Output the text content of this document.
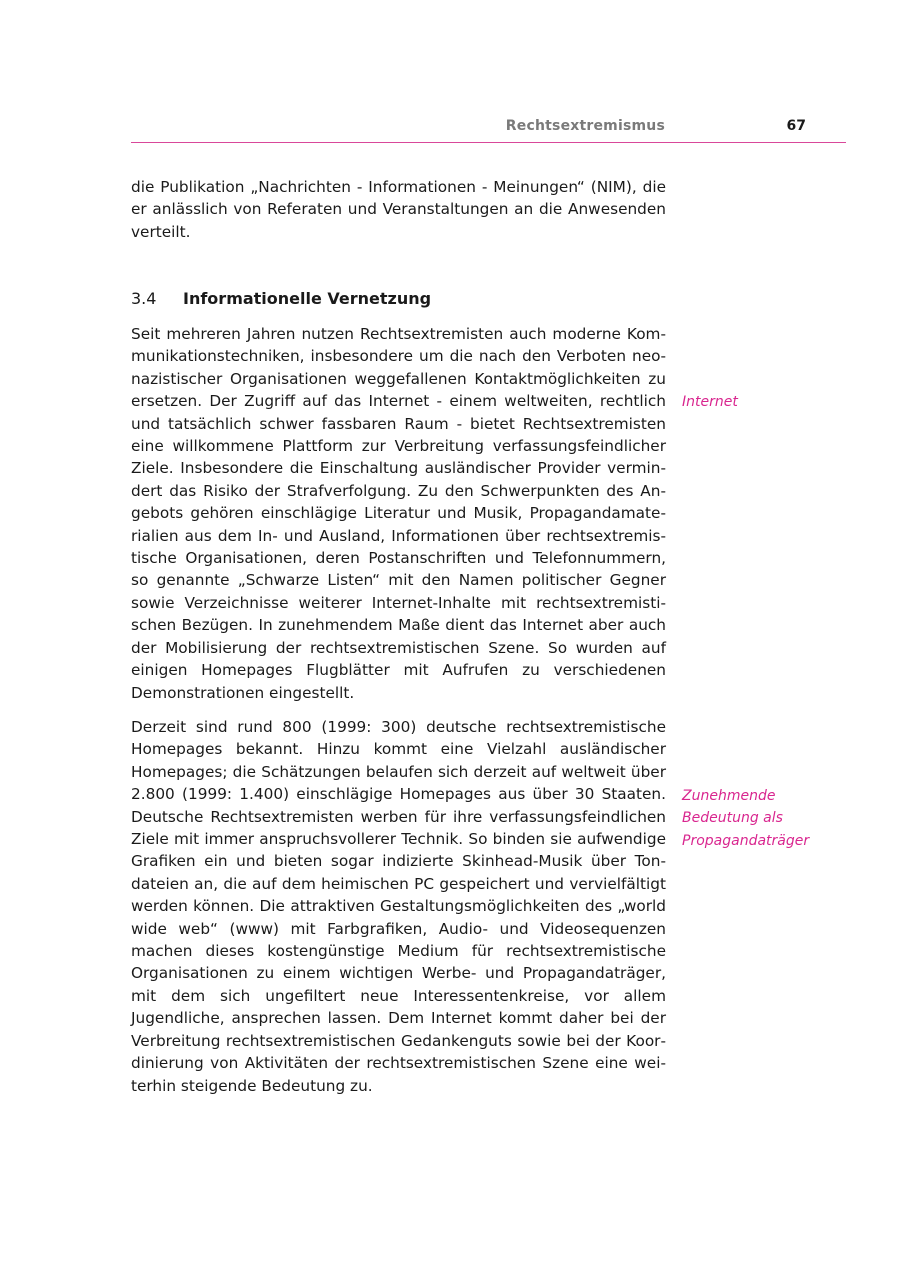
Rechtsextremismus	67

die Publikation „Nachrichten - Informationen - Meinungen“ (NIM), die er anlässlich von Referaten und Veranstaltungen an die Anwesenden verteilt.

3.4 Informationelle Vernetzung

Seit mehreren Jahren nutzen Rechtsextremisten auch moderne Kommunikationstechniken, insbesondere um die nach den Verboten neonazistischer Organisationen weggefallenen Kontaktmöglichkeiten zu ersetzen. Der Zugriff auf das Internet - einem weltweiten, rechtlich und tatsächlich schwer fassbaren Raum - bietet Rechtsextremisten eine willkommene Plattform zur Verbreitung verfassungsfeindlicher Ziele. Insbesondere die Einschaltung ausländischer Provider vermindert das Risiko der Strafverfolgung. Zu den Schwerpunkten des Angebots gehören einschlägige Literatur und Musik, Propagandamaterialien aus dem In- und Ausland, Informationen über rechtsextremistische Organisationen, deren Postanschriften und Telefonnummern, so genannte „Schwarze Listen“ mit den Namen politischer Gegner sowie Verzeichnisse weiterer Internet-Inhalte mit rechtsextremistischen Bezügen. In zunehmendem Maße dient das Internet aber auch der Mobilisierung der rechtsextremistischen Szene. So wurden auf einigen Homepages Flugblätter mit Aufrufen zu verschiedenen Demonstrationen eingestellt.

Derzeit sind rund 800 (1999: 300) deutsche rechtsextremistische Homepages bekannt. Hinzu kommt eine Vielzahl ausländischer Homepages; die Schätzungen belaufen sich derzeit auf weltweit über 2.800 (1999: 1.400) einschlägige Homepages aus über 30 Staaten. Deutsche Rechtsextremisten werben für ihre verfassungsfeindlichen Ziele mit immer anspruchsvollerer Technik. So binden sie aufwendige Grafiken ein und bieten sogar indizierte Skinhead-Musik über Tondateien an, die auf dem heimischen PC gespeichert und vervielfältigt werden können. Die attraktiven Gestaltungsmöglichkeiten des „world wide web“ (www) mit Farbgrafiken, Audio- und Videosequenzen machen dieses kostengünstige Medium für rechtsextremistische Organisationen zu einem wichtigen Werbe- und Propagandaträger, mit dem sich ungefiltert neue Interessentenkreise, vor allem Jugendliche, ansprechen lassen. Dem Internet kommt daher bei der Verbreitung rechtsextremistischen Gedankenguts sowie bei der Koordinierung von Aktivitäten der rechtsextremistischen Szene eine weiterhin steigende Bedeutung zu.

Internet
Zunehmende
Bedeutung als
Propagandaträger
